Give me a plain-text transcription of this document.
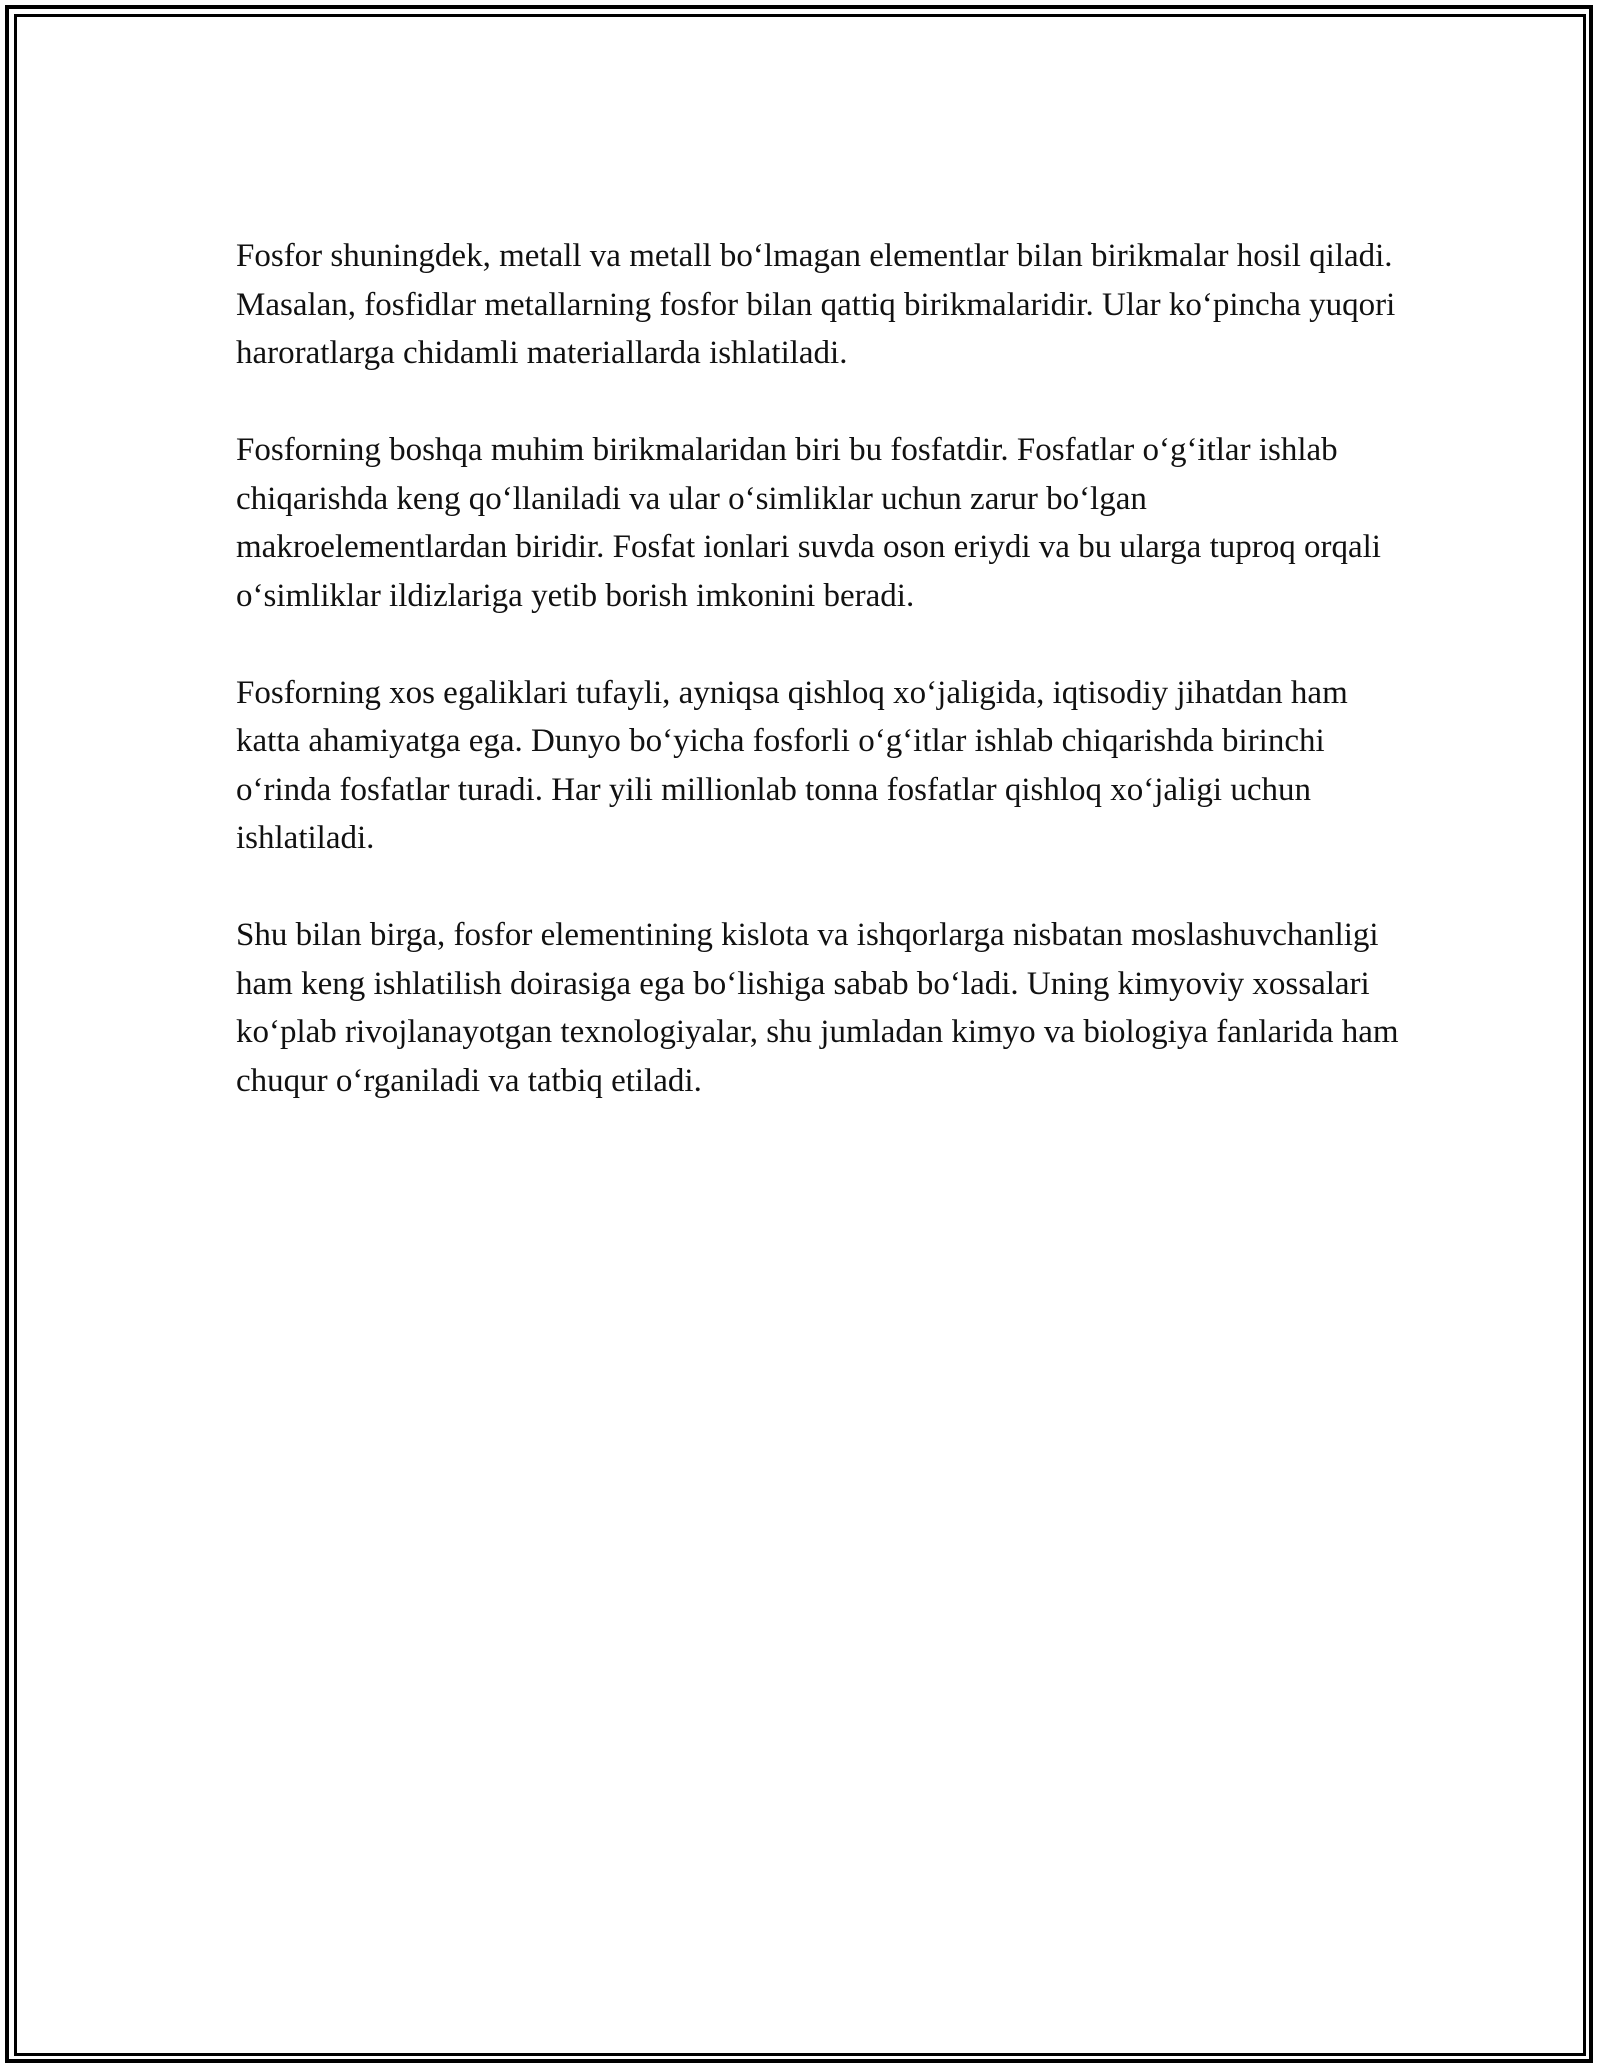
Fosfor shuningdek, metall va metall bo‘lmagan elementlar bilan birikmalar hosil qiladi. Masalan, fosfidlar metallarning fosfor bilan qattiq birikmalaridir. Ular ko‘pincha yuqori haroratlarga chidamli materiallarda ishlatiladi.

Fosforning boshqa muhim birikmalaridan biri bu fosfatdir. Fosfatlar o‘g‘itlar ishlab chiqarishda keng qo‘llaniladi va ular o‘simliklar uchun zarur bo‘lgan makroelementlardan biridir. Fosfat ionlari suvda oson eriydi va bu ularga tuproq orqali o‘simliklar ildizlariga yetib borish imkonini beradi.

Fosforning xos egaliklari tufayli, ayniqsa qishloq xo‘jaligida, iqtisodiy jihatdan ham katta ahamiyatga ega. Dunyo bo‘yicha fosforli o‘g‘itlar ishlab chiqarishda birinchi o‘rinda fosfatlar turadi. Har yili millionlab tonna fosfatlar qishloq xo‘jaligi uchun ishlatiladi.

Shu bilan birga, fosfor elementining kislota va ishqorlarga nisbatan moslashuvchanligi ham keng ishlatilish doirasiga ega bo‘lishiga sabab bo‘ladi. Uning kimyoviy xossalari ko‘plab rivojlanayotgan texnologiyalar, shu jumladan kimyo va biologiya fanlarida ham chuqur o‘rganiladi va tatbiq etiladi.
